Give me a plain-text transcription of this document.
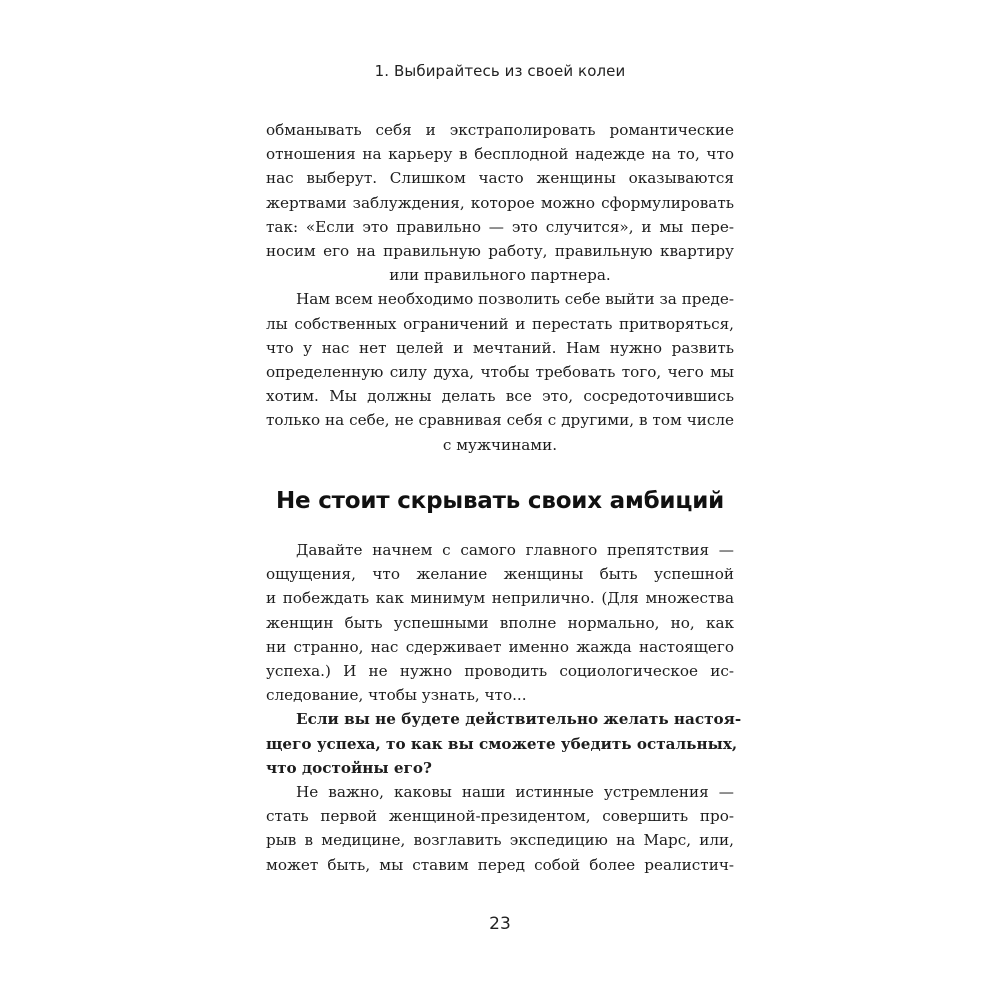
1. Выбирайтесь из своей колеи
обманывать себя и экстраполировать романтические
отношения на карьеру в бесплодной надежде на то, что
нас выберут. Слишком часто женщины оказываются
жертвами заблуждения, которое можно сформулировать
так: «Если это правильно — это случится», и мы пере-
носим его на правильную работу, правильную квартиру
или правильного партнера.
Нам всем необходимо позволить себе выйти за преде-
лы собственных ограничений и перестать притворяться,
что у нас нет целей и мечтаний. Нам нужно развить
определенную силу духа, чтобы требовать того, чего мы
хотим. Мы должны делать все это, сосредоточившись
только на себе, не сравнивая себя с другими, в том числе
с мужчинами.
Не стоит скрывать своих амбиций
Давайте начнем с самого главного препятствия —
ощущения, что желание женщины быть успешной
и побеждать как минимум неприлично. (Для множества
женщин быть успешными вполне нормально, но, как
ни странно, нас сдерживает именно жажда настоящего
успеха.) И не нужно проводить социологическое ис-
следование, чтобы узнать, что...
Если вы не будете действительно желать настоя-
щего успеха, то как вы сможете убедить остальных,
что достойны его?
Не важно, каковы наши истинные устремления —
стать первой женщиной-президентом, совершить про-
рыв в медицине, возглавить экспедицию на Марс, или,
может быть, мы ставим перед собой более реалистич-
23
